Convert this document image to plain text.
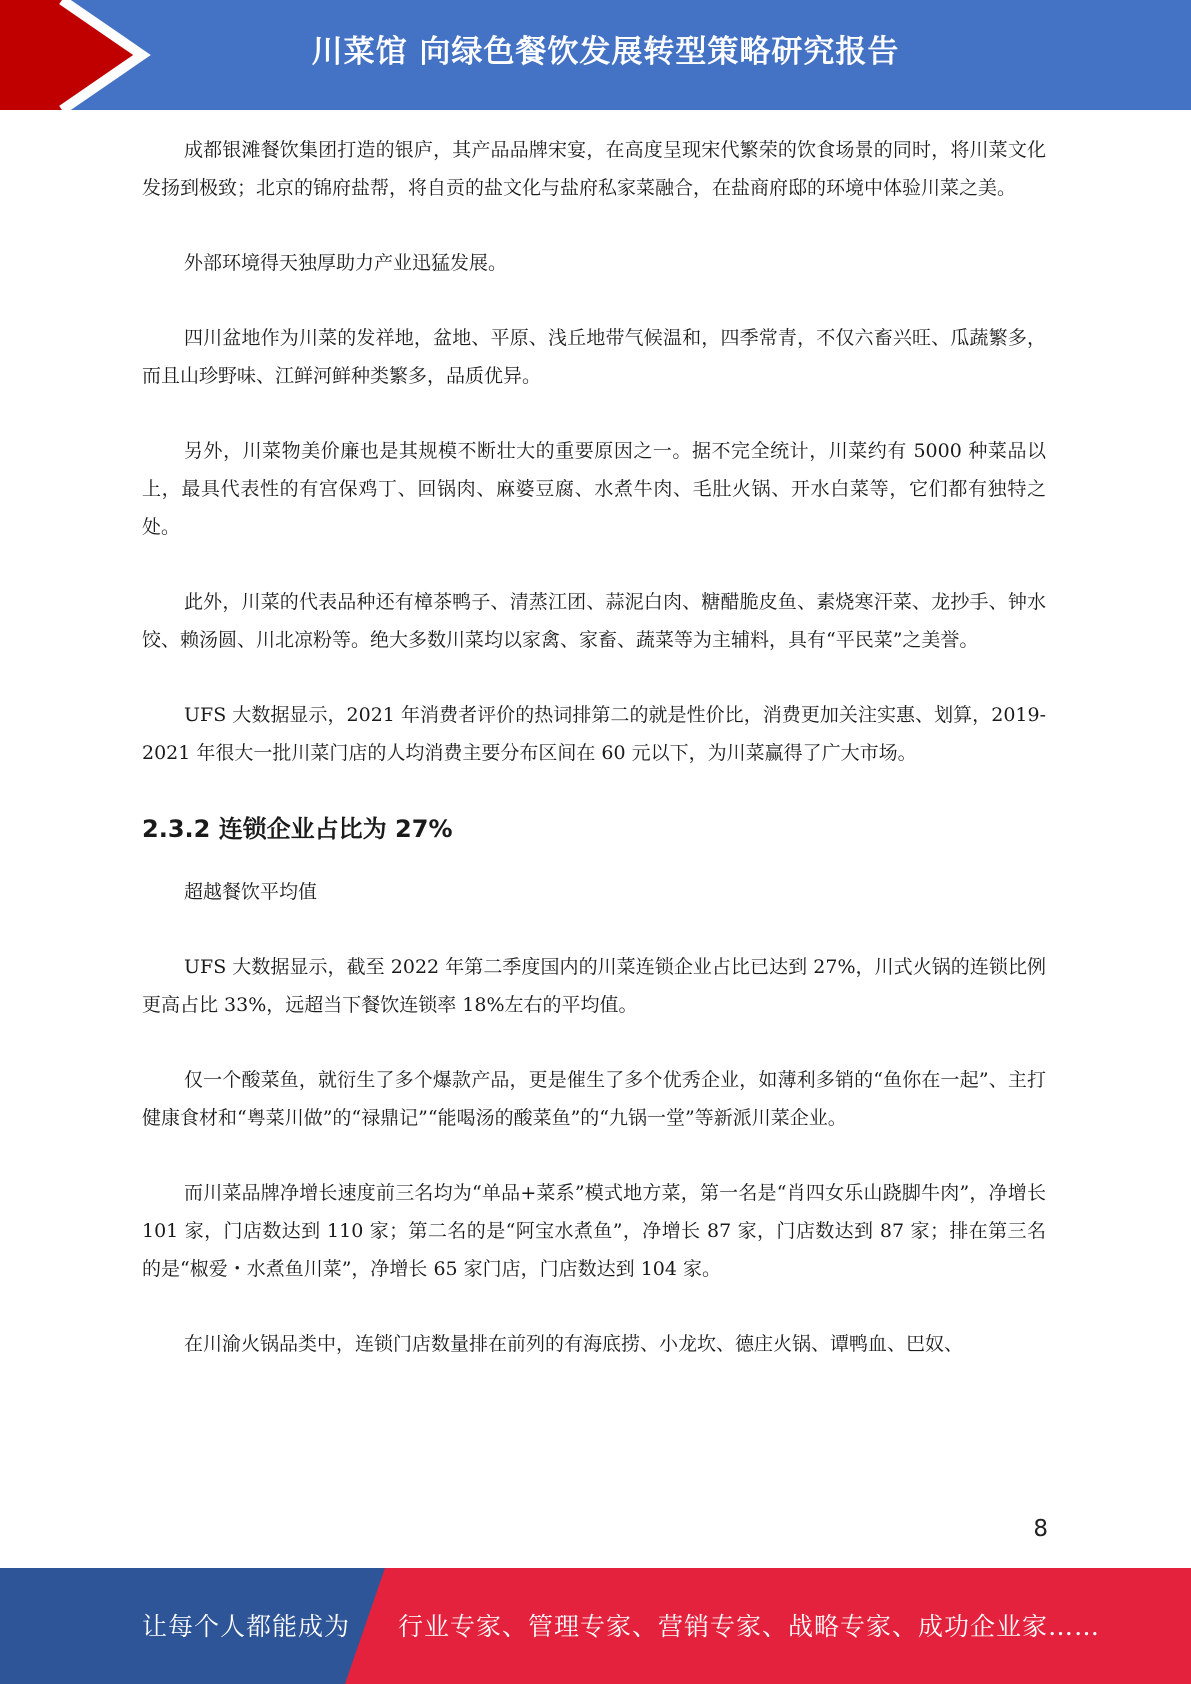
川菜馆 向绿色餐饮发展转型策略研究报告

成都银滩餐饮集团打造的银庐，其产品品牌宋宴，在高度呈现宋代繁荣的饮食场景的同时，将川菜文化发扬到极致；北京的锦府盐帮，将自贡的盐文化与盐府私家菜融合，在盐商府邸的环境中体验川菜之美。

外部环境得天独厚助力产业迅猛发展。

四川盆地作为川菜的发祥地，盆地、平原、浅丘地带气候温和，四季常青，不仅六畜兴旺、瓜蔬繁多，而且山珍野味、江鲜河鲜种类繁多，品质优异。

另外，川菜物美价廉也是其规模不断壮大的重要原因之一。据不完全统计，川菜约有 5000 种菜品以上，最具代表性的有宫保鸡丁、回锅肉、麻婆豆腐、水煮牛肉、毛肚火锅、开水白菜等，它们都有独特之处。

此外，川菜的代表品种还有樟茶鸭子、清蒸江团、蒜泥白肉、糖醋脆皮鱼、素烧寒汗菜、龙抄手、钟水饺、赖汤圆、川北凉粉等。绝大多数川菜均以家禽、家畜、蔬菜等为主辅料，具有“平民菜”之美誉。

UFS 大数据显示，2021 年消费者评价的热词排第二的就是性价比，消费更加关注实惠、划算，2019-2021 年很大一批川菜门店的人均消费主要分布区间在 60 元以下，为川菜赢得了广大市场。

2.3.2 连锁企业占比为 27%

超越餐饮平均值

UFS 大数据显示，截至 2022 年第二季度国内的川菜连锁企业占比已达到 27%，川式火锅的连锁比例更高占比 33%，远超当下餐饮连锁率 18%左右的平均值。

仅一个酸菜鱼，就衍生了多个爆款产品，更是催生了多个优秀企业，如薄利多销的“鱼你在一起”、主打健康食材和“粤菜川做”的“禄鼎记”“能喝汤的酸菜鱼”的“九锅一堂”等新派川菜企业。

而川菜品牌净增长速度前三名均为“单品+菜系”模式地方菜，第一名是“肖四女乐山跷脚牛肉”，净增长 101 家，门店数达到 110 家；第二名的是“阿宝水煮鱼”，净增长 87 家，门店数达到 87 家；排在第三名的是“椒爱・水煮鱼川菜”，净增长 65 家门店，门店数达到 104 家。

在川渝火锅品类中，连锁门店数量排在前列的有海底捞、小龙坎、德庄火锅、谭鸭血、巴奴、

8
让每个人都能成为 行业专家、管理专家、营销专家、战略专家、成功企业家……
